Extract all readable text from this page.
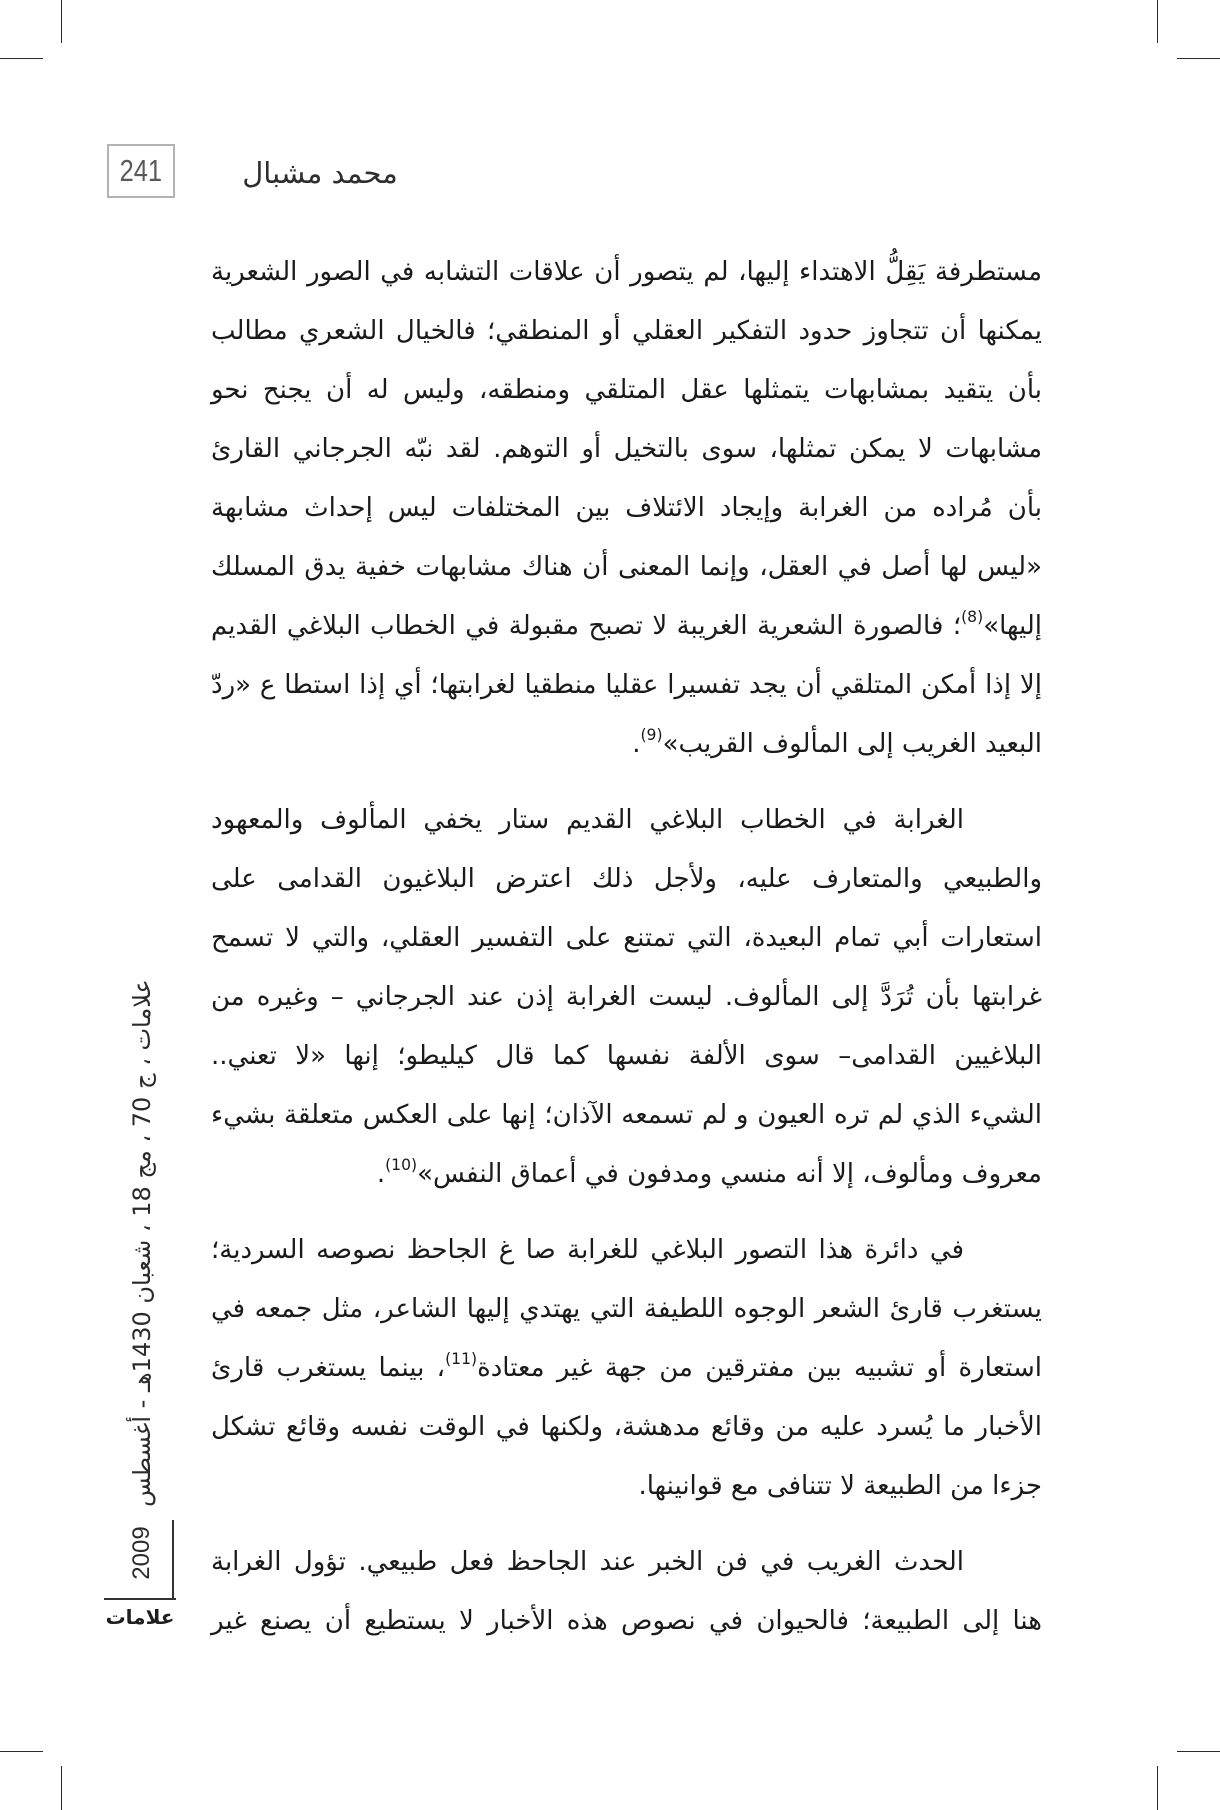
241	محمد مشبال
مستطرفة يَقِلُّ الاهتداء إليها، لم يتصور أن علاقات التشابه في الصور الشعرية
يمكنها أن تتجاوز حدود التفكير العقلي أو المنطقي؛ فالخيال الشعري مطالب
بأن يتقيد بمشابهات يتمثلها عقل المتلقي ومنطقه، وليس له أن يجنح نحو
مشابهات لا يمكن تمثلها، سوى بالتخيل أو التوهم. لقد نبّه الجرجاني القارئ
بأن مُراده من الغرابة وإيجاد الائتلاف بين المختلفات ليس إحداث مشابهة
«ليس لها أصل في العقل، وإنما المعنى أن هناك مشابهات خفية يدق المسلك
إليها»$^{(8)}$؛ فالصورة الشعرية الغريبة لا تصبح مقبولة في الخطاب البلاغي القديم
إلا إذا أمكن المتلقي أن يجد تفسيرا عقليا منطقيا لغرابتها؛ أي إذا استطا ع «ردّ
البعيد الغريب إلى المألوف القريب»$^{(9)}$.
الغرابة في الخطاب البلاغي القديم ستار يخفي المألوف والمعهود
والطبيعي والمتعارف عليه، ولأجل ذلك اعترض البلاغيون القدامى على
استعارات أبي تمام البعيدة، التي تمتنع على التفسير العقلي، والتي لا تسمح
غرابتها بأن تُرَدَّ إلى المألوف. ليست الغرابة إذن عند الجرجاني – وغيره من
البلاغيين القدامى– سوى الألفة نفسها كما قال كيليطو؛ إنها «لا تعني..
الشيء الذي لم تره العيون و لم تسمعه الآذان؛ إنها على العكس متعلقة بشيء
معروف ومألوف، إلا أنه منسي ومدفون في أعماق النفس»$^{(10)}$.
في دائرة هذا التصور البلاغي للغرابة صا غ الجاحظ نصوصه السردية؛
يستغرب قارئ الشعر الوجوه اللطيفة التي يهتدي إليها الشاعر، مثل جمعه في
استعارة أو تشبيه بين مفترقين من جهة غير معتادة$^{(11)}$، بينما يستغرب قارئ
الأخبار ما يُسرد عليه من وقائع مدهشة، ولكنها في الوقت نفسه وقائع تشكل
جزءا من الطبيعة لا تتنافى مع قوانينها.
الحدث الغريب في فن الخبر عند الجاحظ فعل طبيعي. تؤول الغرابة
هنا إلى الطبيعة؛ فالحيوان في نصوص هذه الأخبار لا يستطيع أن يصنع غير
علامات ، ج 70 ، مج 18 ، شعبان 1430هـ - أغسطس
2009
علامات
